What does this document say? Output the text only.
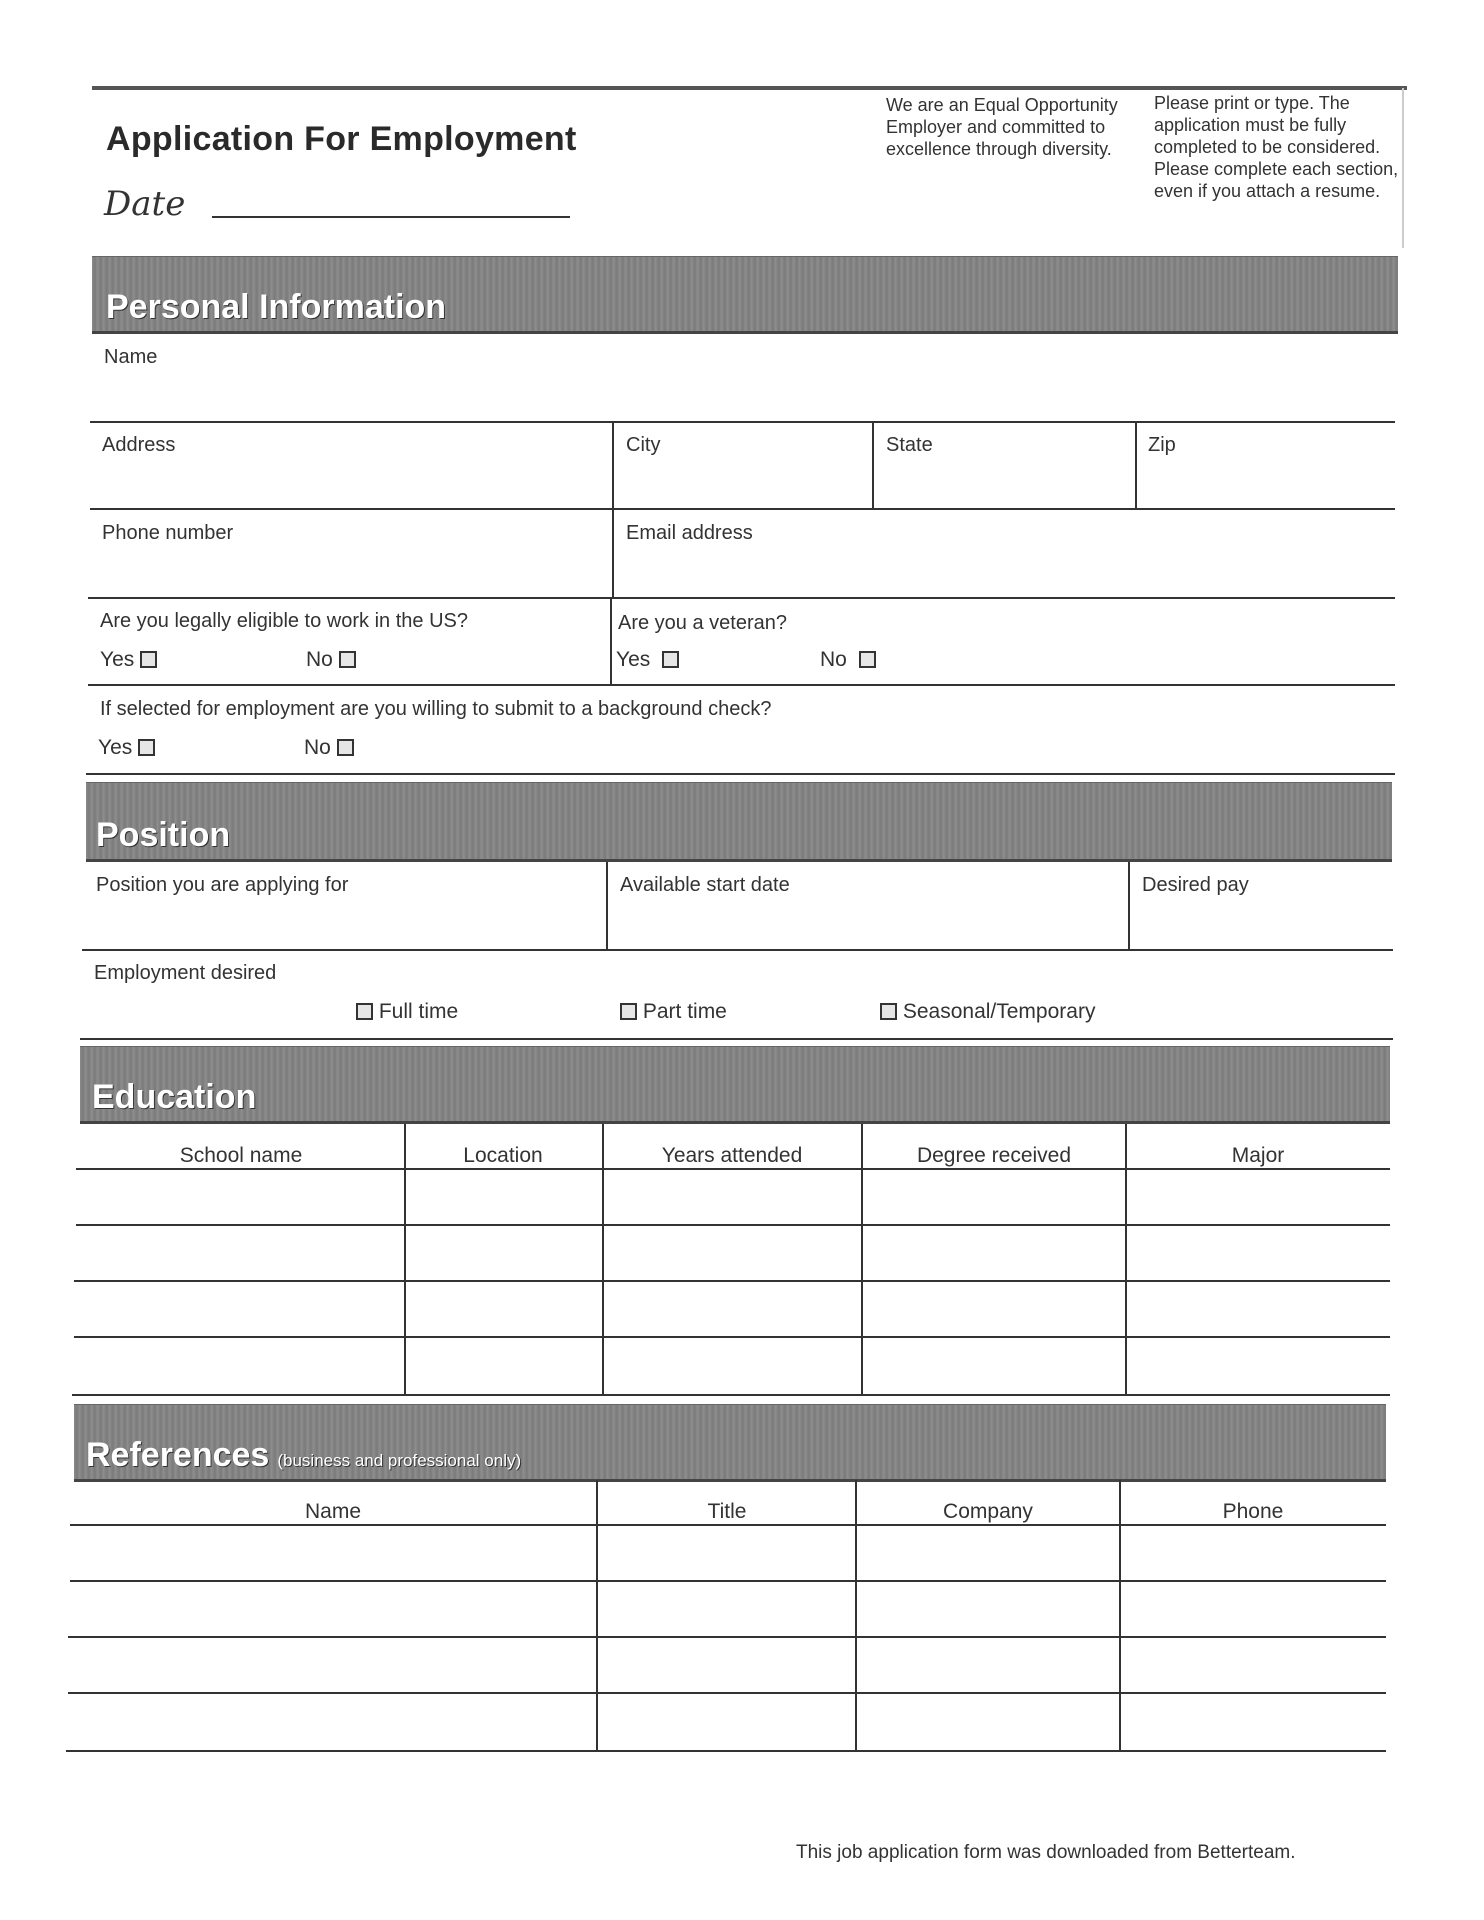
Application For Employment
Date
We are an Equal Opportunity Employer and committed to excellence through diversity.
Please print or type. The application must be fully completed to be considered. Please complete each section, even if you attach a resume.
Personal Information
Name
Address	City	State	Zip
Phone number	Email address
Are you legally eligible to work in the US?
Yes	No
Are you a veteran?
Yes	No
If selected for employment are you willing to submit to a background check?
Yes	No
Position
Position you are applying for	Available start date	Desired pay
Employment desired
Full time	Part time	Seasonal/Temporary
Education
School name	Location	Years attended	Degree received	Major
References (business and professional only)
Name	Title	Company	Phone
This job application form was downloaded from Betterteam.
